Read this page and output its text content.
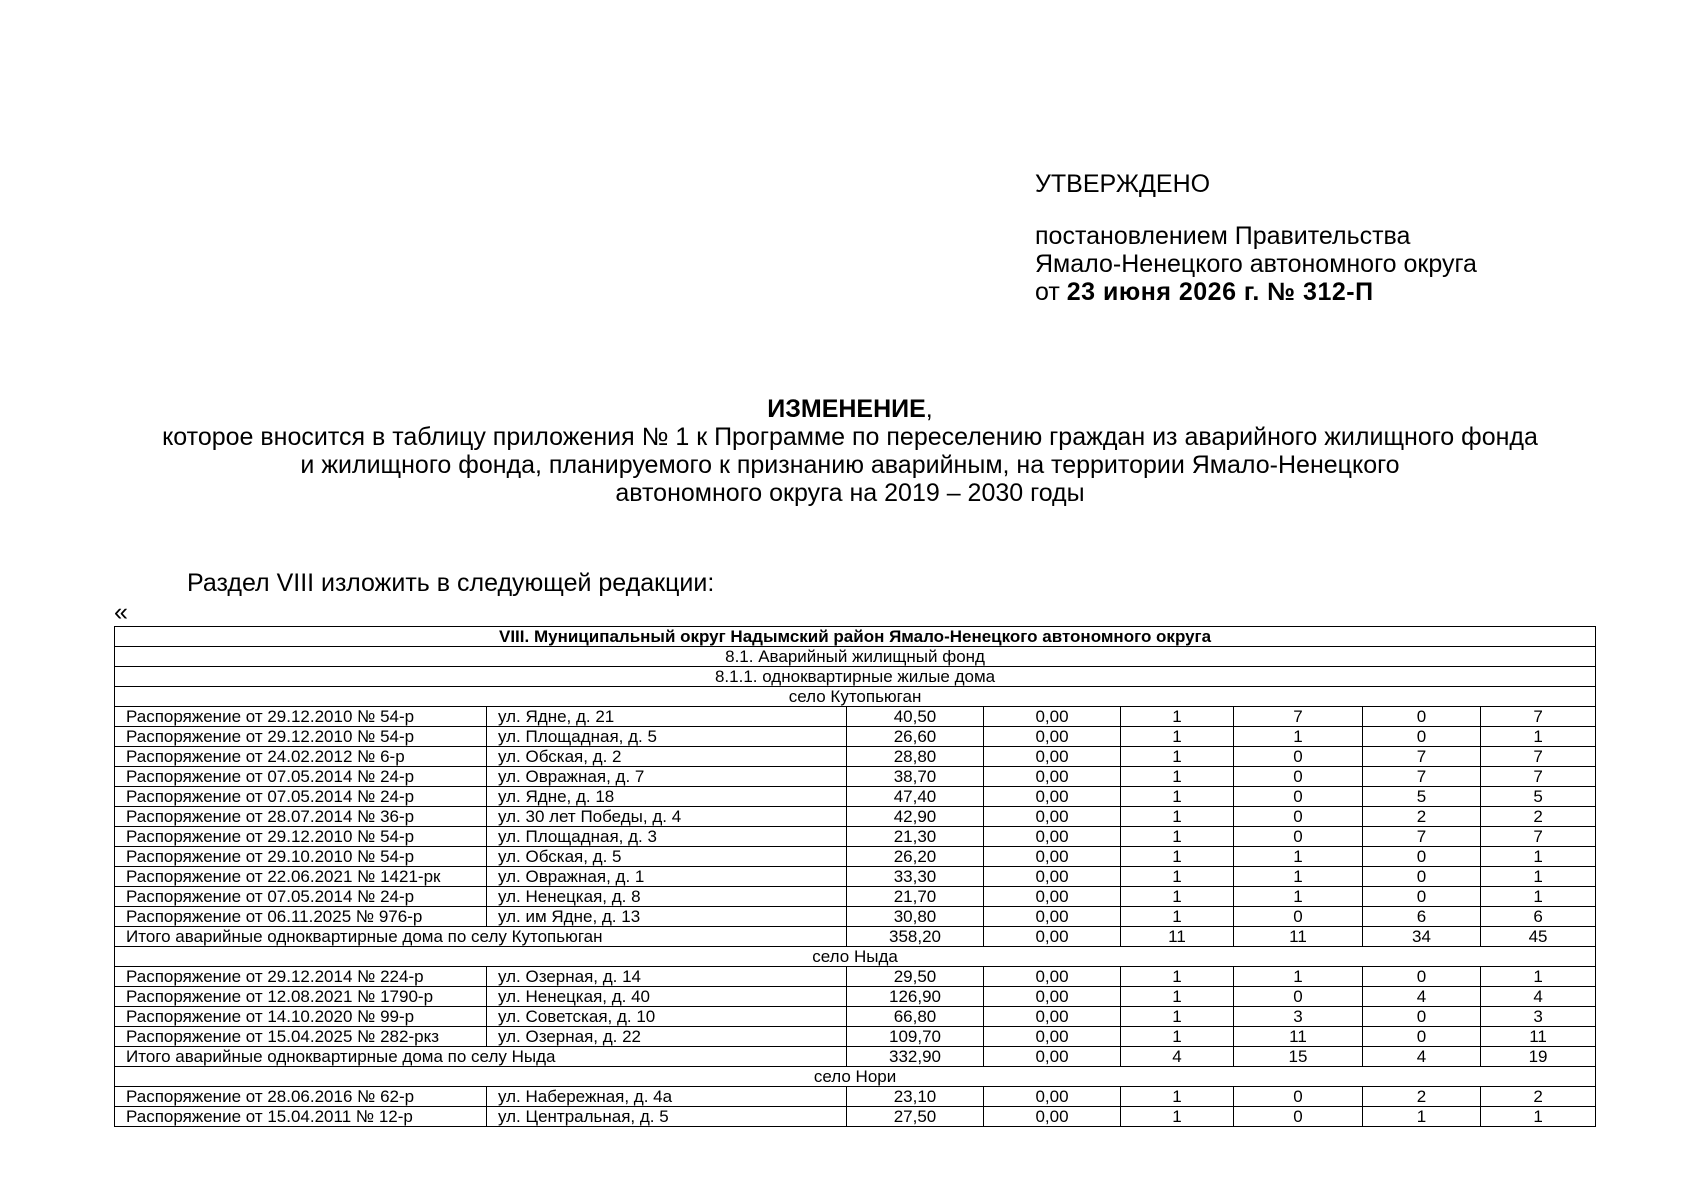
УТВЕРЖДЕНО
постановлением Правительства
Ямало-Ненецкого автономного округа
от 23 июня 2026 г. № 312-П
ИЗМЕНЕНИЕ,
которое вносится в таблицу приложения № 1 к Программе по переселению граждан из аварийного жилищного фонда
и жилищного фонда, планируемого к признанию аварийным, на территории Ямало-Ненецкого
автономного округа на 2019 – 2030 годы
Раздел VIII изложить в следующей редакции:
«
VIII. Муниципальный округ Надымский район Ямало-Ненецкого автономного округа							
8.1. Аварийный жилищный фонд							
8.1.1. одноквартирные жилые дома							
село Кутопьюган							
Распоряжение от 29.12.2010 № 54-р	ул. Ядне, д. 21	40,50	0,00	1	7	0	7
Распоряжение от 29.12.2010 № 54-р	ул. Площадная, д. 5	26,60	0,00	1	1	0	1
Распоряжение от 24.02.2012 № 6-р	ул. Обская, д. 2	28,80	0,00	1	0	7	7
Распоряжение от 07.05.2014 № 24-р	ул. Овражная, д. 7	38,70	0,00	1	0	7	7
Распоряжение от 07.05.2014 № 24-р	ул. Ядне, д. 18	47,40	0,00	1	0	5	5
Распоряжение от 28.07.2014 № 36-р	ул. 30 лет Победы, д. 4	42,90	0,00	1	0	2	2
Распоряжение от 29.12.2010 № 54-р	ул. Площадная, д. 3	21,30	0,00	1	0	7	7
Распоряжение от 29.10.2010 № 54-р	ул. Обская, д. 5	26,20	0,00	1	1	0	1
Распоряжение от 22.06.2021 № 1421-рк	ул. Овражная, д. 1	33,30	0,00	1	1	0	1
Распоряжение от 07.05.2014 № 24-р	ул. Ненецкая, д. 8	21,70	0,00	1	1	0	1
Распоряжение от 06.11.2025 № 976-р	ул. им Ядне, д. 13	30,80	0,00	1	0	6	6
Итого аварийные одноквартирные дома по селу Кутопьюган		358,20	0,00	11	11	34	45
село Ныда							
Распоряжение от 29.12.2014 № 224-р	ул. Озерная, д. 14	29,50	0,00	1	1	0	1
Распоряжение от 12.08.2021 № 1790-р	ул. Ненецкая, д. 40	126,90	0,00	1	0	4	4
Распоряжение от 14.10.2020 № 99-р	ул. Советская, д. 10	66,80	0,00	1	3	0	3
Распоряжение от 15.04.2025 № 282-ркз	ул. Озерная, д. 22	109,70	0,00	1	11	0	11
Итого аварийные одноквартирные дома по селу Ныда		332,90	0,00	4	15	4	19
село Нори							
Распоряжение от 28.06.2016 № 62-р	ул. Набережная, д. 4а	23,10	0,00	1	0	2	2
Распоряжение от 15.04.2011 № 12-р	ул. Центральная, д. 5	27,50	0,00	1	0	1	1
